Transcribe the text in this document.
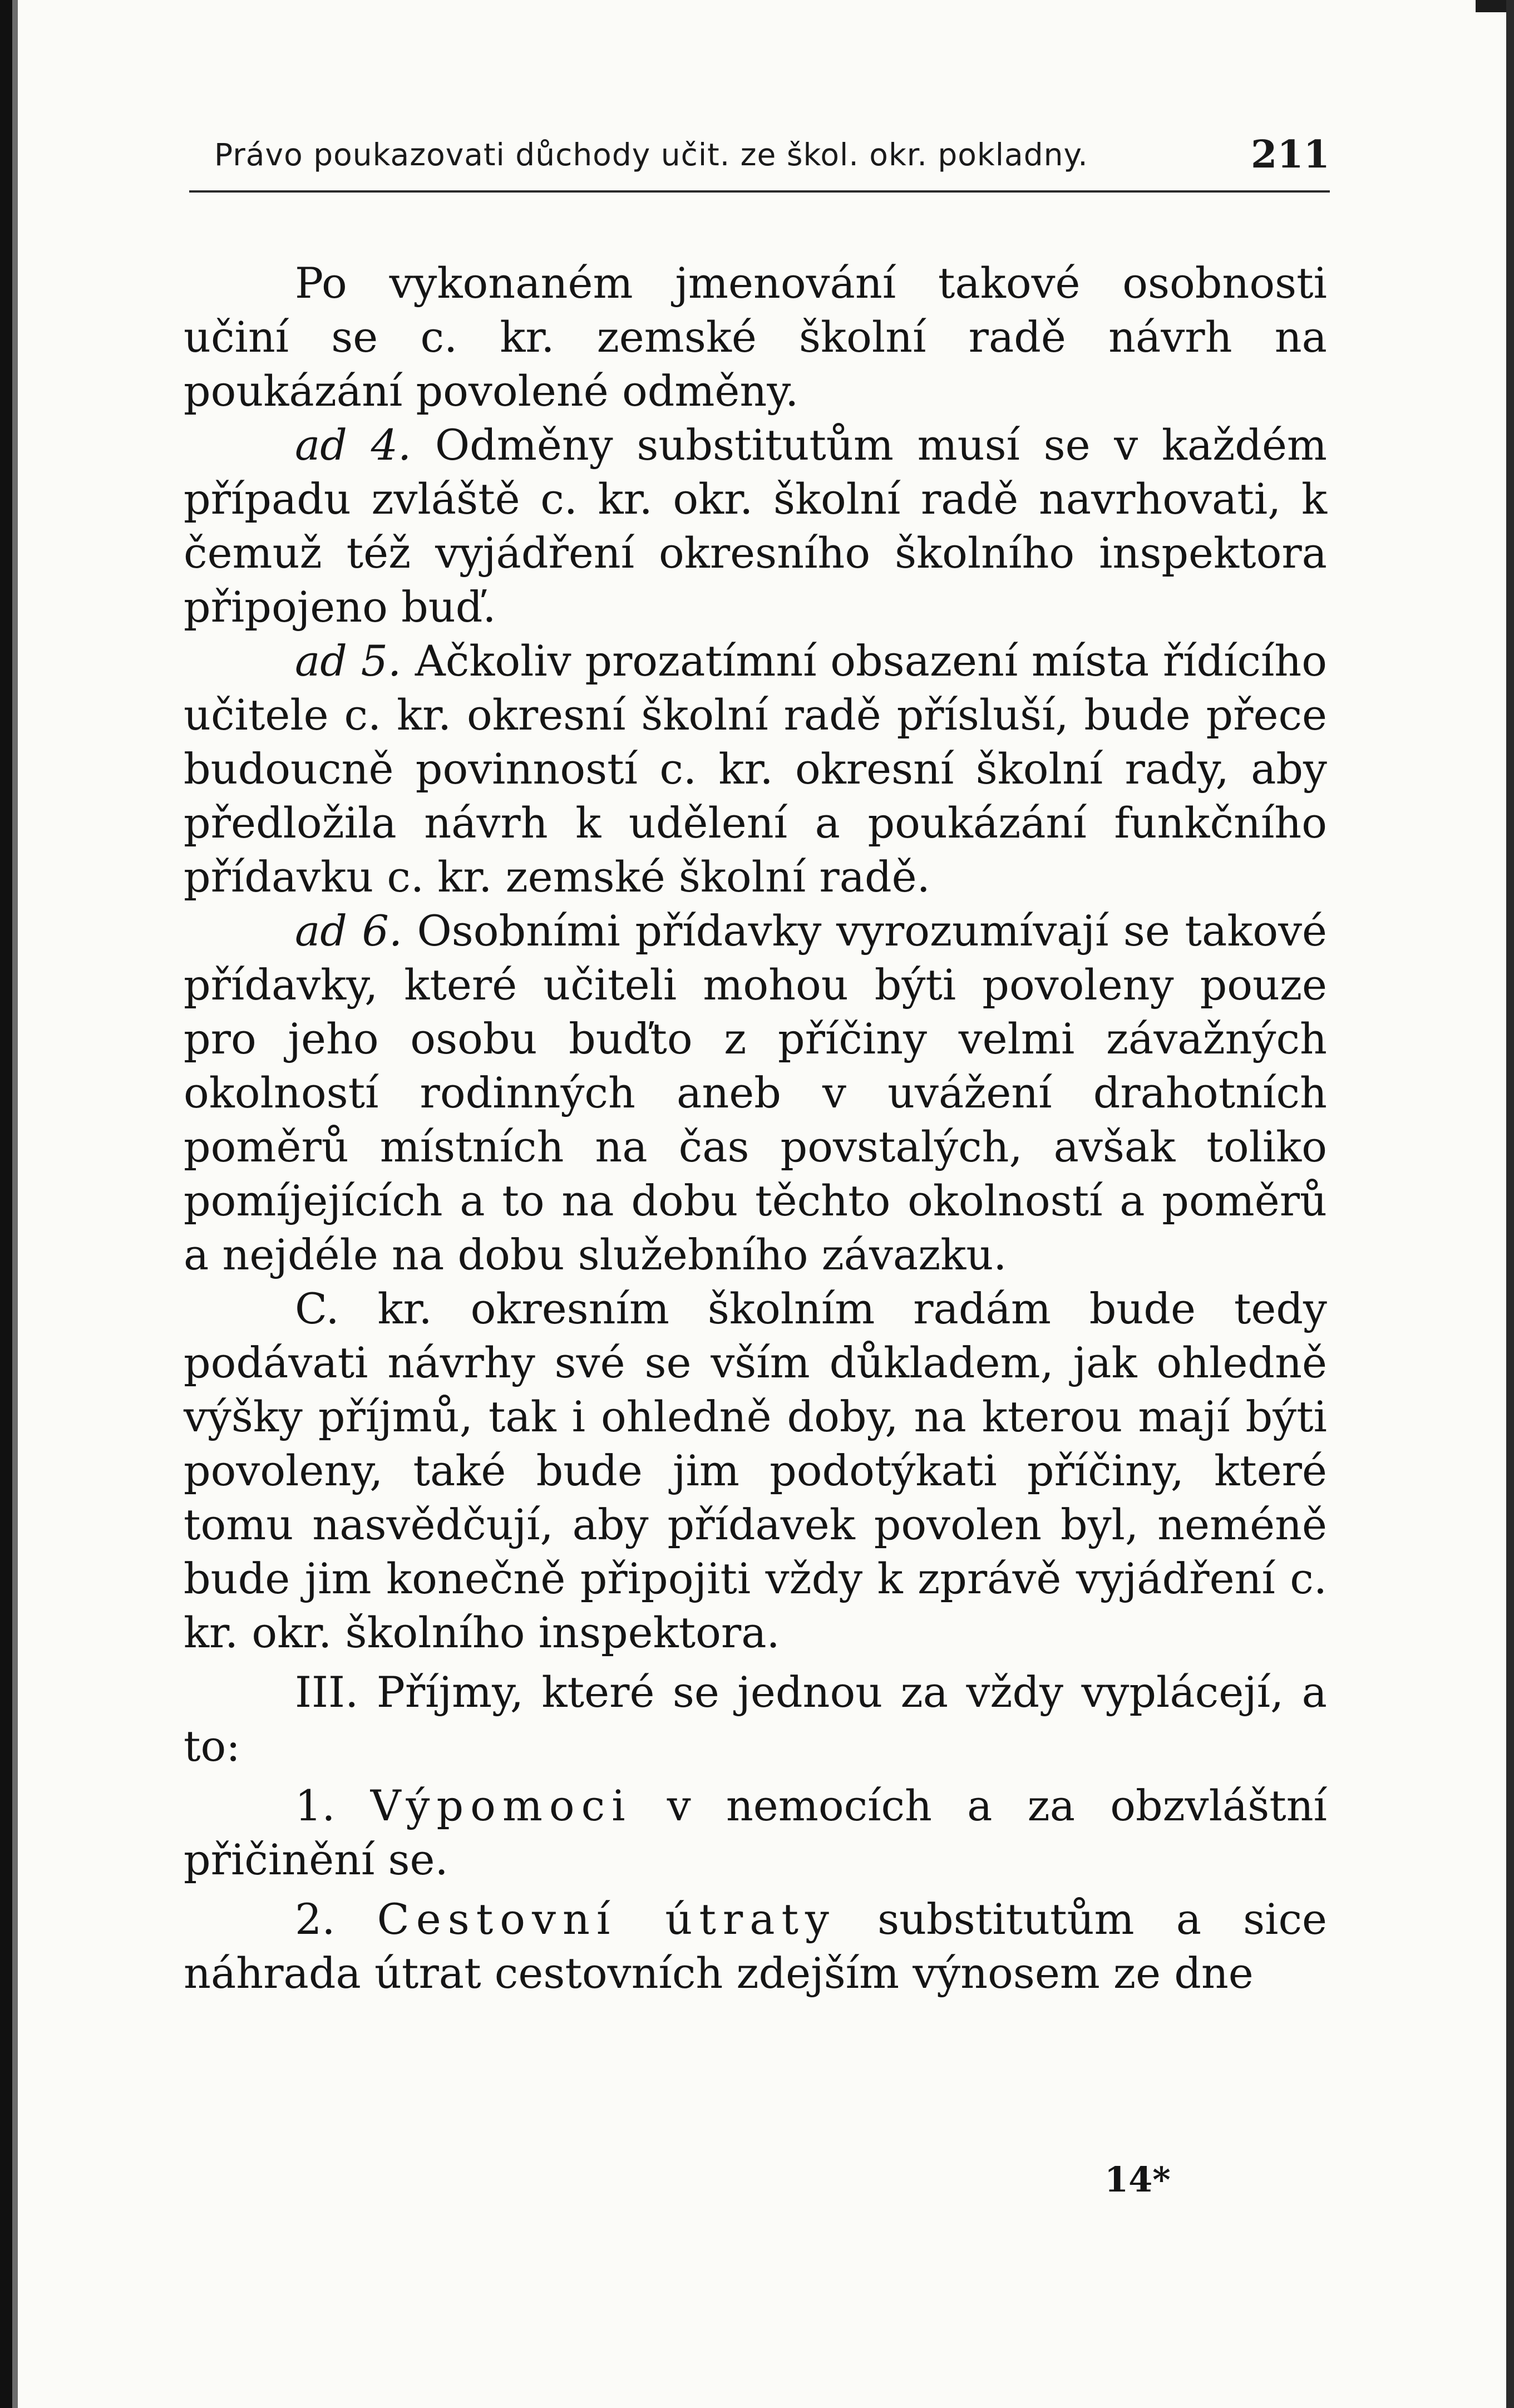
Právo poukazovati důchody učit. ze škol. okr. pokladny.	211

Po vykonaném jmenování takové osobnosti učiní se c. kr. zemské školní radě návrh na poukázání povolené odměny.

ad 4. Odměny substitutům musí se v každém případu zvláště c. kr. okr. školní radě navrhovati, k čemuž též vyjádření okresního školního inspektora připojeno buď.

ad 5. Ačkoliv prozatímní obsazení místa řídícího učitele c. kr. okresní školní radě přísluší, bude přece budoucně povinností c. kr. okresní školní rady, aby předložila návrh k udělení a poukázání funkčního přídavku c. kr. zemské školní radě.

ad 6. Osobními přídavky vyrozumívají se takové přídavky, které učiteli mohou býti povoleny pouze pro jeho osobu buďto z příčiny velmi závažných okolností rodinných aneb v uvážení drahotních poměrů místních na čas povstalých, avšak toliko pomíjejících a to na dobu těchto okolností a poměrů a nejdéle na dobu služebního závazku.

C. kr. okresním školním radám bude tedy podávati návrhy své se vším důkladem, jak ohledně výšky příjmů, tak i ohledně doby, na kterou mají býti povoleny, také bude jim podotýkati příčiny, které tomu nasvědčují, aby přídavek povolen byl, neméně bude jim konečně připojiti vždy k zprávě vyjádření c. kr. okr. školního inspektora.

III. Příjmy, které se jednou za vždy vyplácejí, a to:

1. Výpomoci v nemocích a za obzvláštní přičinění se.

2. Cestovní útraty substitutům a sice náhrada útrat cestovních zdejším výnosem ze dne

14*
